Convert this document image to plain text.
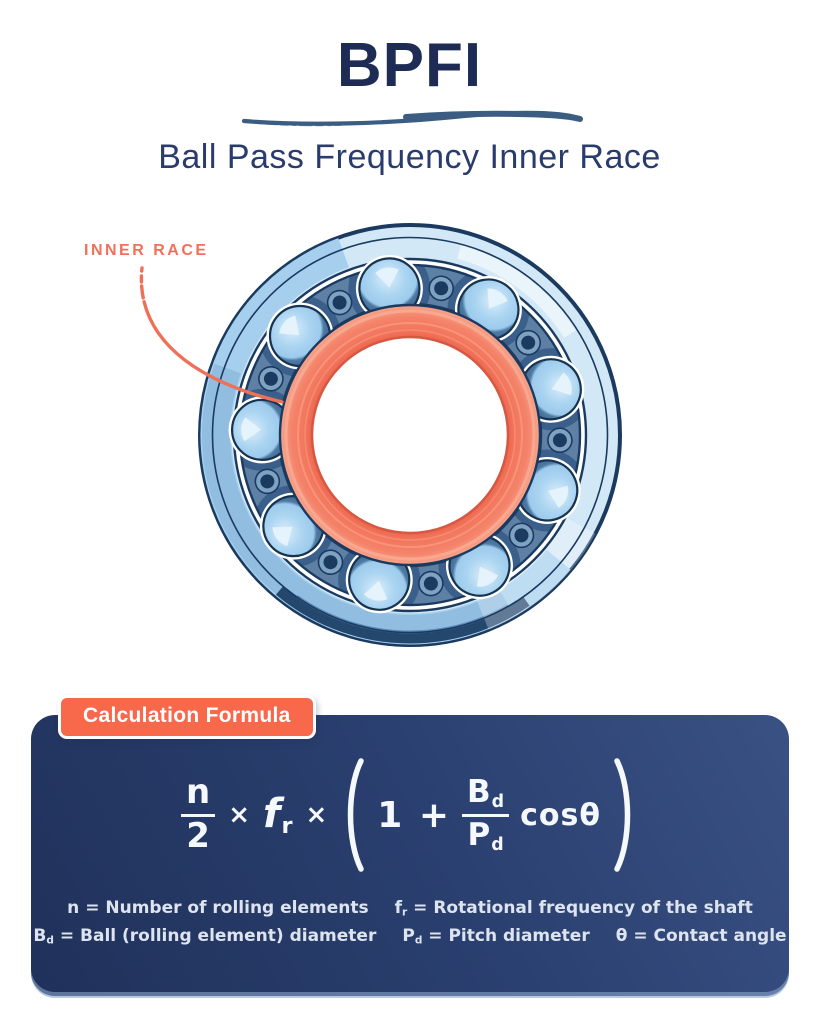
BPFI
Ball Pass Frequency Inner Race
INNER RACE
Calculation Formula
$\frac{n}{2} \times f_r \times 1 + \frac{B_d}{P_d}$ cosθ
n = Number of rolling elements fr = Rotational frequency of the shaft
Bd = Ball (rolling element) diameter Pd = Pitch diameter θ = Contact angle
